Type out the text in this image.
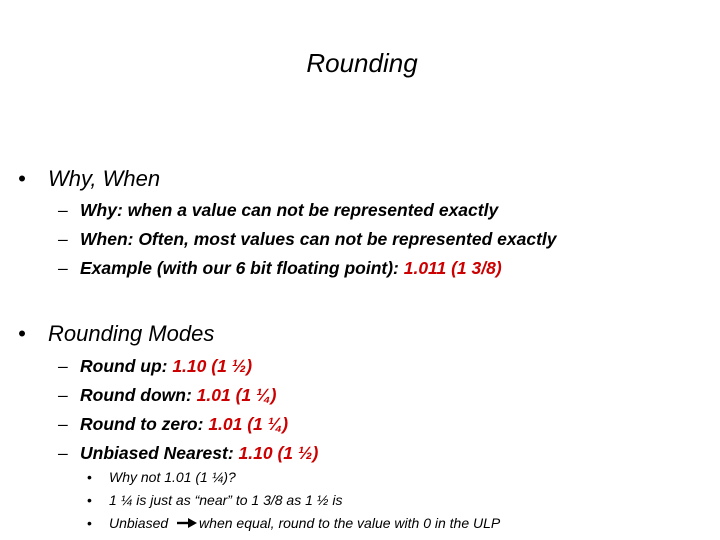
Rounding
• Why, When
– Why: when a value can not be represented exactly
– When: Often, most values can not be represented exactly
– Example (with our 6 bit floating point): 1.011 (1 3/8)
• Rounding Modes
– Round up: 1.10 (1 ½)
– Round down: 1.01 (1 ¼)
– Round to zero: 1.01 (1 ¼)
– Unbiased Nearest: 1.10 (1 ½)
• Why not 1.01 (1 ¼)?
• 1 ¼ is just as “near” to 1 3/8 as 1 ½ is
• Unbiased when equal, round to the value with 0 in the ULP
